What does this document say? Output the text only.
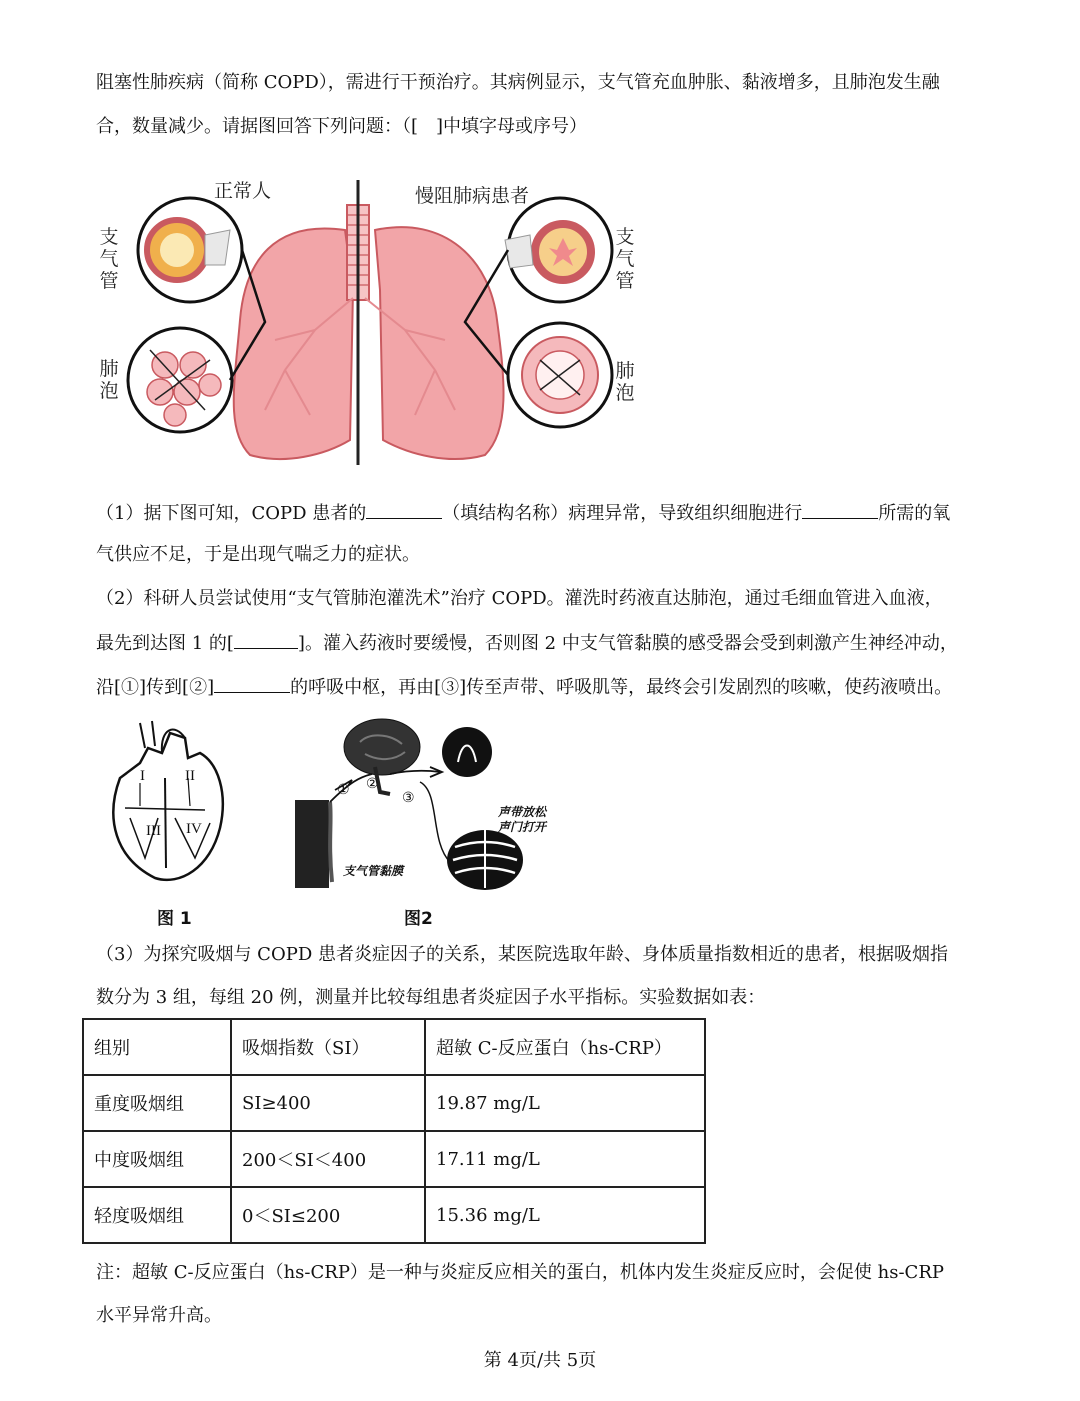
阻塞性肺疾病（简称 COPD），需进行干预治疗。其病例显示，支气管充血肿胀、黏液增多，且肺泡发生融
合，数量减少。请据图回答下列问题：（[　]中填字母或序号）
正常人	慢阻肺病患者
支气管
肺泡
支气管
肺泡
（1）据下图可知，COPD 患者的	（填结构名称）病理异常，导致组织细胞进行	所需的氧
气供应不足，于是出现气喘乏力的症状。
（2）科研人员尝试使用“支气管肺泡灌洗术”治疗 COPD。灌洗时药液直达肺泡，通过毛细血管进入血液，
最先到达图 1 的[	]。灌入药液时要缓慢，否则图 2 中支气管黏膜的感受器会受到刺激产生神经冲动，
沿[①]传到[②]	的呼吸中枢，再由[③]传至声带、呼吸肌等，最终会引发剧烈的咳嗽，使药液喷出。
I	II
III IV
图 1
① ②
③
声带放松
声门打开
支气管黏膜
图2
（3）为探究吸烟与 COPD 患者炎症因子的关系，某医院选取年龄、身体质量指数相近的患者，根据吸烟指
数分为 3 组，每组 20 例，测量并比较每组患者炎症因子水平指标。实验数据如表：
组别	吸烟指数（SI）	超敏 C-反应蛋白（hs-CRP）
重度吸烟组	SI≥400	19.87 mg/L
中度吸烟组	200＜SI＜400	17.11 mg/L
轻度吸烟组	0＜SI≤200	15.36 mg/L
注：超敏 C-反应蛋白（hs-CRP）是一种与炎症反应相关的蛋白，机体内发生炎症反应时，会促使 hs-CRP
水平异常升高。
第 4页/共 5页
